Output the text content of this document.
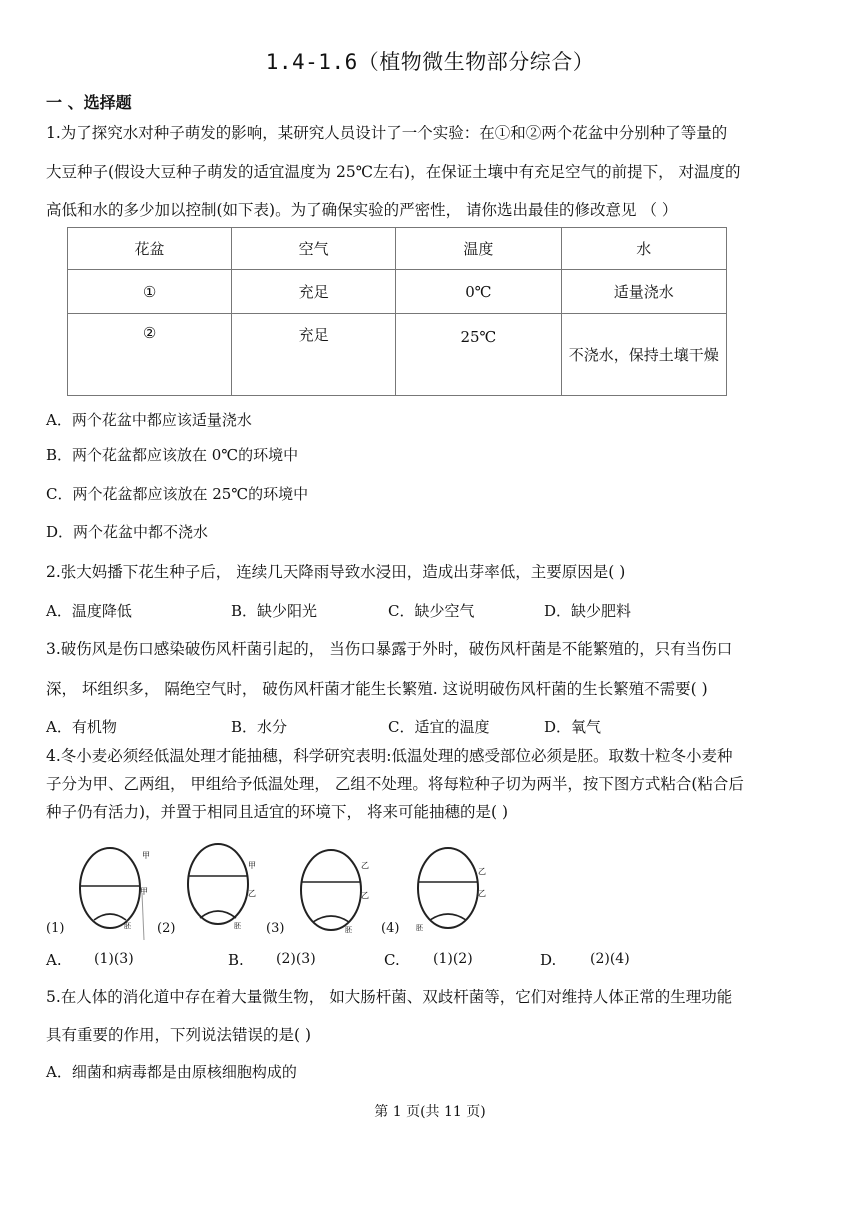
1.4-1.6（植物微生物部分综合）
一 、选择题
1.为了探究水对种子萌发的影响，某研究人员设计了一个实验：在①和②两个花盆中分别种了等量的
大豆种子(假设大豆种子萌发的适宜温度为 25℃左右)，在保证土壤中有充足空气的前提下， 对温度的
高低和水的多少加以控制(如下表)。为了确保实验的严密性， 请你选出最佳的修改意见 （ ）
花盆	空气	温度	水
①	充足	0℃	适量浇水
②	充足	25℃	不浇水，保持土壤干燥
A．两个花盆中都应该适量浇水
B．两个花盆都应该放在 0℃的环境中
C．两个花盆都应该放在 25℃的环境中
D．两个花盆中都不浇水
2.张大妈播下花生种子后， 连续几天降雨导致水浸田，造成出芽率低，主要原因是( )
A．温度降低	B．缺少阳光	C．缺少空气	D．缺少肥料
3.破伤风是伤口感染破伤风杆菌引起的， 当伤口暴露于外时，破伤风杆菌是不能繁殖的，只有当伤口
深， 坏组织多， 隔绝空气时， 破伤风杆菌才能生长繁殖. 这说明破伤风杆菌的生长繁殖不需要( )
A．有机物	B．水分	C．适宜的温度	D．氧气
4.冬小麦必须经低温处理才能抽穗，科学研究表明:低温处理的感受部位必须是胚。取数十粒冬小麦种
子分为甲、乙两组， 甲组给予低温处理， 乙组不处理。将每粒种子切为两半，按下图方式粘合(粘合后
种子仍有活力)，并置于相同且适宜的环境下， 将来可能抽穗的是( )
甲
甲
胚
甲
乙
胚
乙
乙
胚
乙
乙
胚
(1)	(2)	(3)	(4)
A. (1)(3)	B. (2)(3)	C. (1)(2)	D. (2)(4)
5.在人体的消化道中存在着大量微生物， 如大肠杆菌、双歧杆菌等，它们对维持人体正常的生理功能
具有重要的作用，下列说法错误的是( )
A．细菌和病毒都是由原核细胞构成的
第 1 页(共 11 页)
